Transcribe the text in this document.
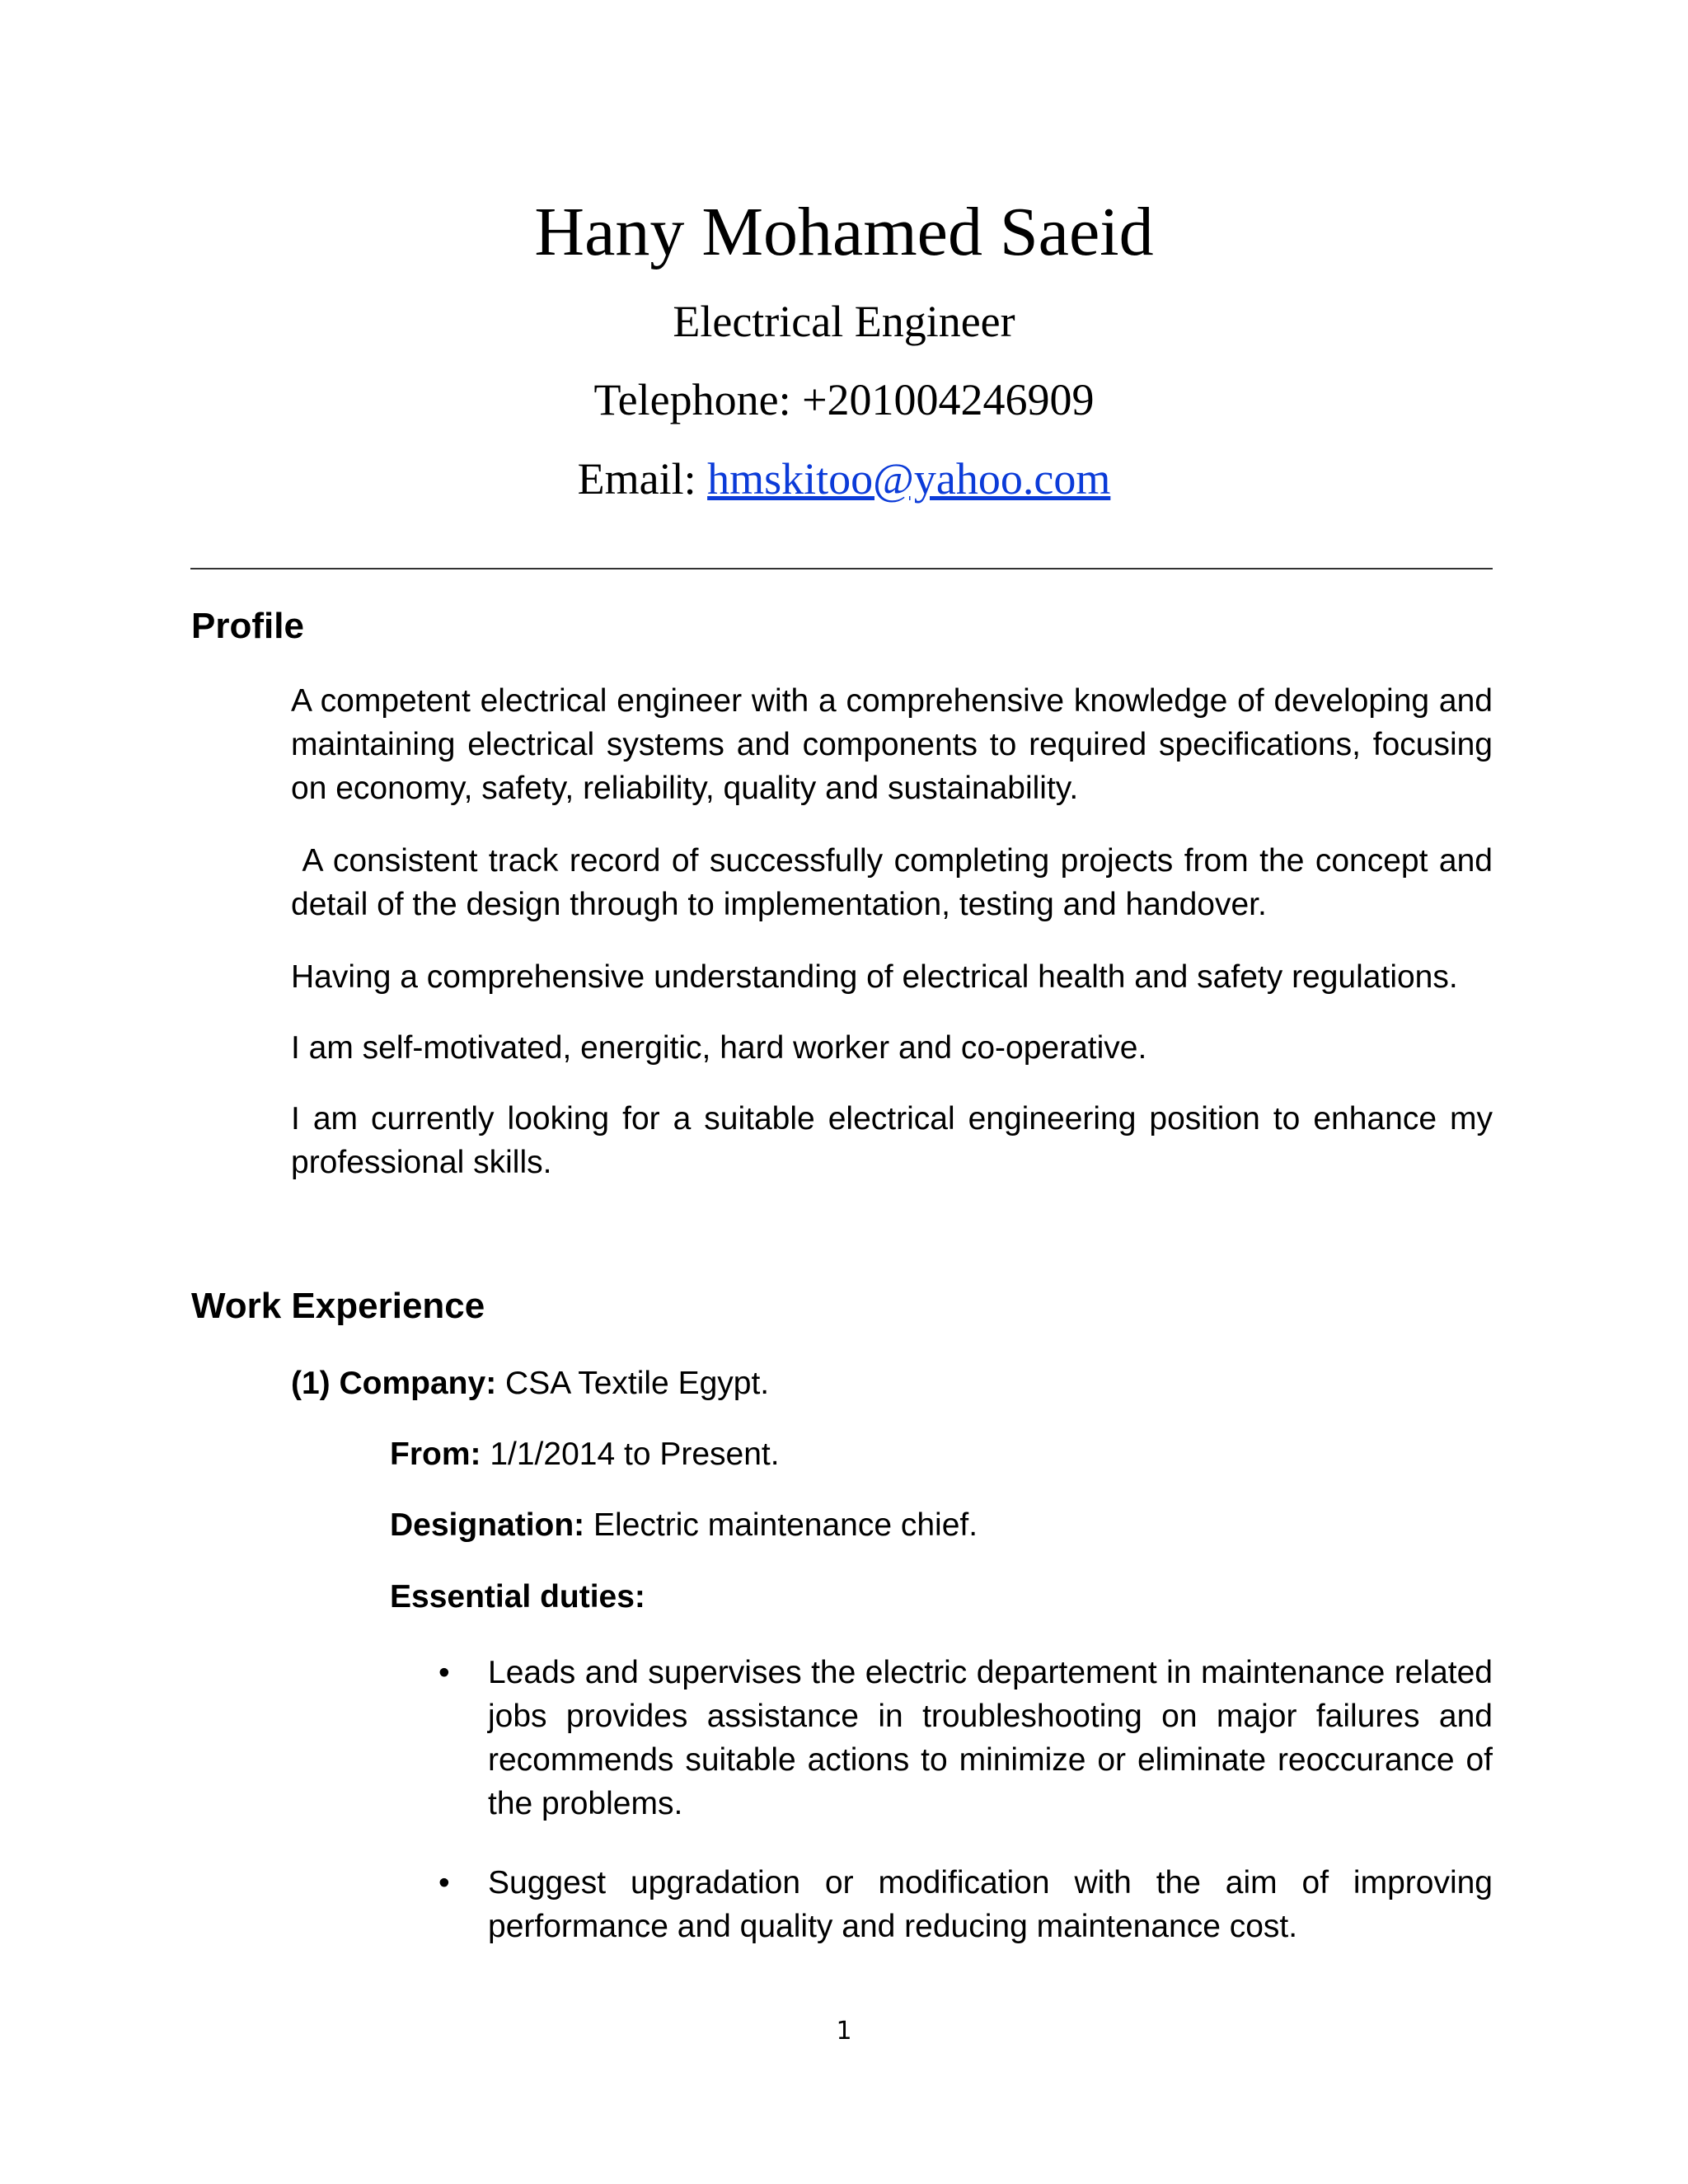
Hany Mohamed Saeid
Electrical Engineer
Telephone: +201004246909
Email: hmskitoo@yahoo.com
Profile
A competent electrical engineer with a comprehensive knowledge of developing and maintaining electrical systems and components to required specifications, focusing on economy, safety, reliability, quality and sustainability.
A consistent track record of successfully completing projects from the concept and detail of the design through to implementation, testing and handover.
Having a comprehensive understanding of electrical health and safety regulations.
I am self-motivated, energitic, hard worker and co-operative.
I am currently looking for a suitable electrical engineering position to enhance my professional skills.
Work Experience
(1) Company: CSA Textile Egypt.
From: 1/1/2014 to Present.
Designation: Electric maintenance chief.
Essential duties:
• Leads and supervises the electric departement in maintenance related jobs provides assistance in troubleshooting on major failures and recommends suitable actions to minimize or eliminate reoccurance of the problems.
• Suggest upgradation or modification with the aim of improving performance and quality and reducing maintenance cost.
1
